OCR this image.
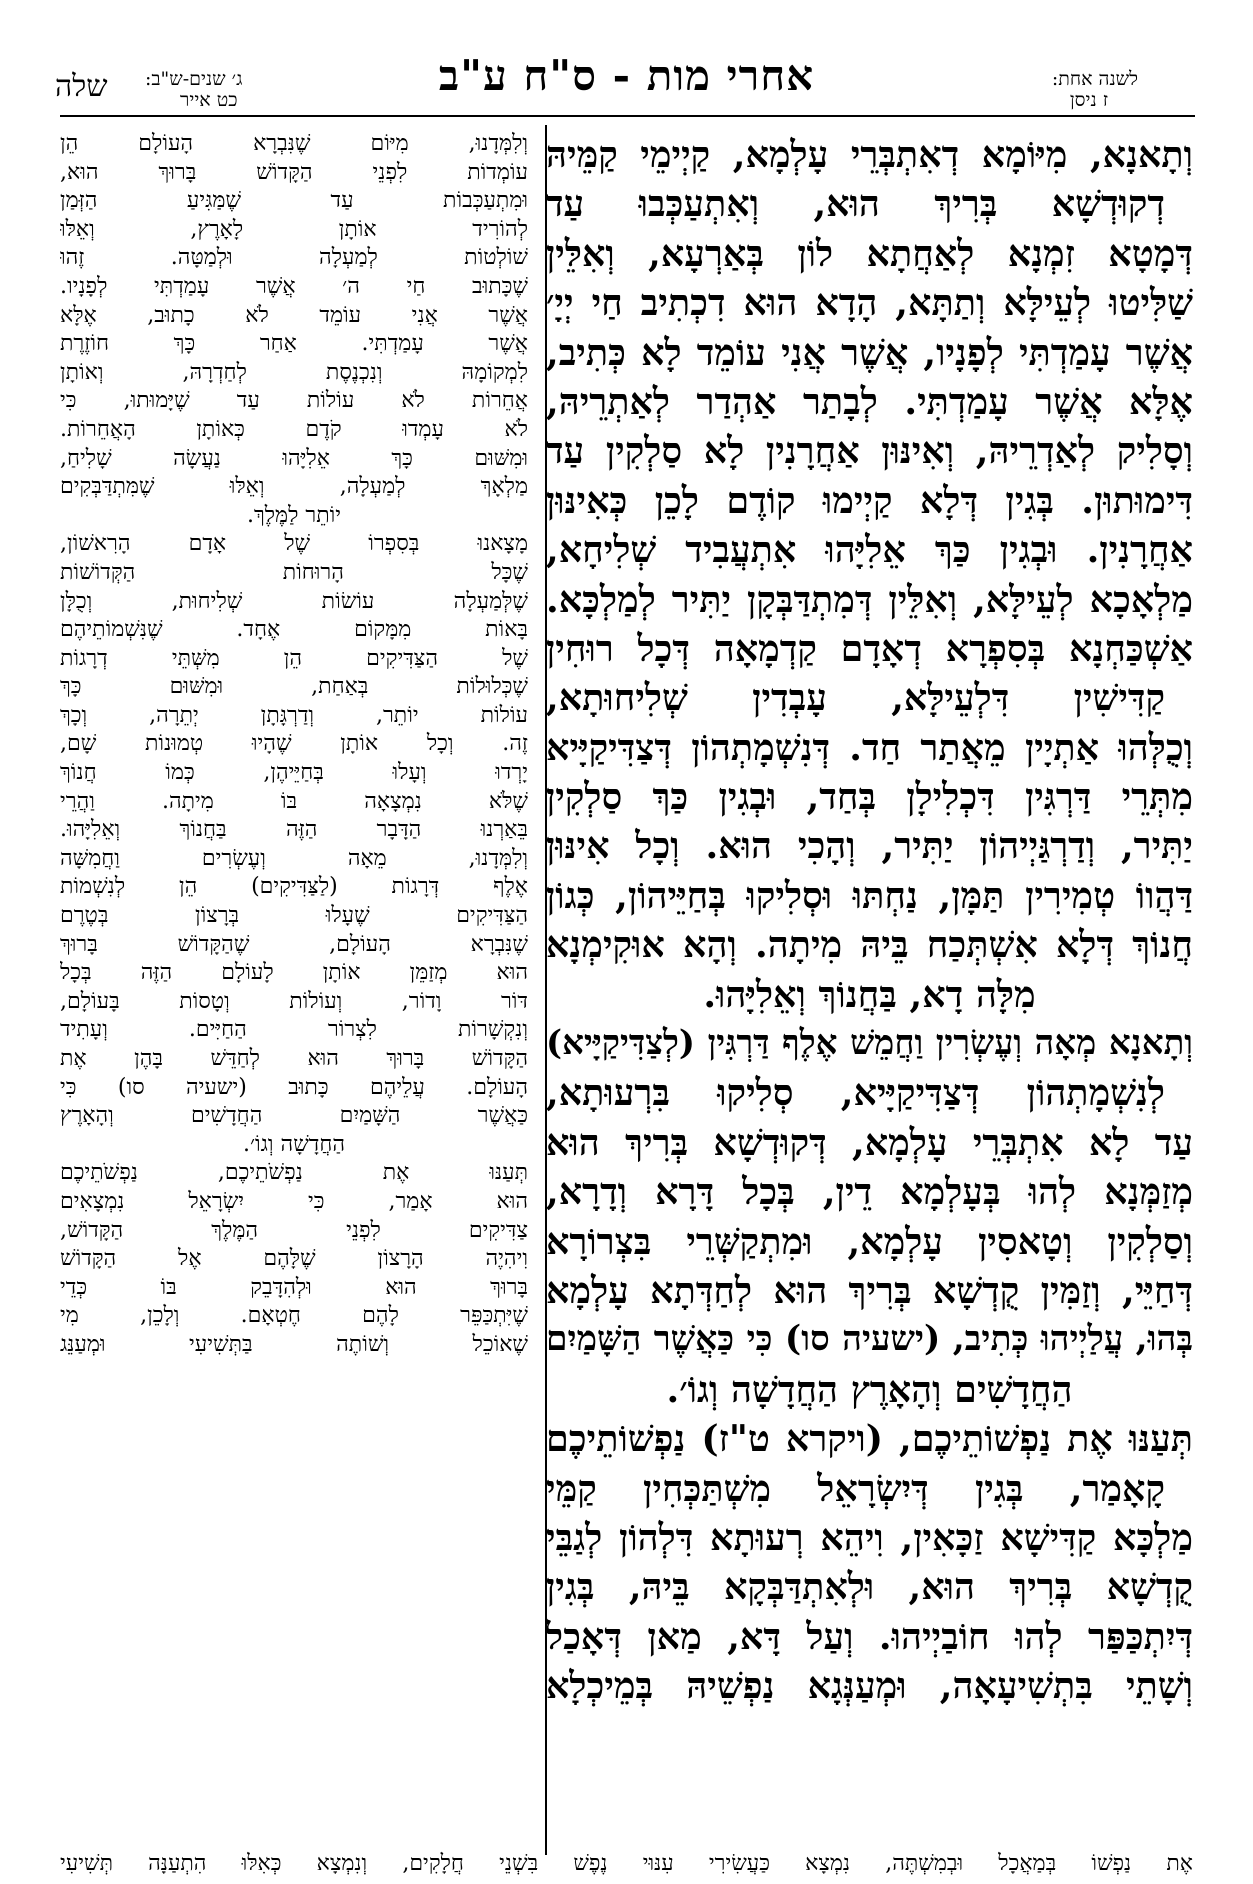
לשנה אחת:
ז ניסן
אחרי מות - ס"ח ע"ב
ג׳ שנים-ש"ב:
כט אייר
שלה
וְתָאנָא, מִיּוֹמָא דְאִתְבְּרֵי עָלְמָא, קַיְימֵי קַמֵּיהּ
דְקוּדְשָׁא בְּרִיךְ הוּא, וְאִתְעַכְּבוּ עַד
דְּמָטָא זִמְנָא לְאַחֲתָא לוֹן בְּאַרְעָא, וְאִלֵּין
שַׁלִּיטוּ לְעֵילָּא וְתַתָּא, הָדָא הוּא דִכְתִיב חַי יְיָ׳
אֲשֶׁר עָמַדְתִּי לְפָנָיו, אֲשֶׁר אֲנִי עוֹמֵד לָא כְּתִיב,
אֶלָּא אֲשֶׁר עָמַדְתִּי. לְבָתַר אַהְדַר לְאַתְרֵיהּ,
וְסָלִיק לְאַדְרֵיהּ, וְאִינּוּן אַחֲרָנִין לָא סַלְקִין עַד
דִּימוּתוּן. בְּגִין דְּלָא קַיְימוּ קוֹדֶם לָכֵן כְּאִינּוּן
אַחֲרָנִין. וּבְגִין כַּךְ אֵלִיָּהוּ אִתְעֲבִיד שְׁלִיחָא,
מַלְאָכָא לְעֵילָּא, וְאִלֵּין דְּמִתְדַּבְּקָן יַתִּיר לְמַלְכָּא.
אַשְׁכַּחְנָא בְּסִפְרָא דְאָדָם קַדְמָאָה דְּכָל רוּחִין
קַדִּישִׁין דִּלְעֵילָּא, עָבְדִין שְׁלִיחוּתָא,
וְכֻלְּהוּ אַתְיָין מֵאֲתַר חַד. דְּנִשְׁמָתְהוֹן דְּצַדִּיקַיָּיא
מִתְּרֵי דַּרְגִּין דִּכְלִילָן בְּחַד, וּבְגִין כַּךְ סַלְקִין
יַתִּיר, וְדַרְגַּיְיהוֹן יַתִּיר, וְהָכִי הוּא. וְכָל אִינּוּן
דַּהֲווֹ טְמִירִין תַּמָּן, נַחְתּוּ וּסְלִיקוּ בְּחַיֵּיהוֹן, כְּגוֹן
חֲנוֹךְ דְּלָא אִשְׁתְּכַח בֵּיהּ מִיתָה. וְהָא אוּקִימְנָא
מִלָּה דָא, בַּחֲנוֹךְ וְאֵלִיָּהוּ.
וְתָאנָא מְאָה וְעֶשְׂרִין וַחֲמֵשׁ אֶלֶף דַּרְגִּין (לְצַדִּיקַיָּיא)
לְנִשְׁמָתְהוֹן דְּצַדִּיקַיָּיא, סְלִיקוּ בִּרְעוּתָא,
עַד לָא אִתְבְּרֵי עָלְמָא, דְּקוּדְשָׁא בְּרִיךְ הוּא
מְזַמְּנָא לְהוּ בְּעָלְמָא דֵין, בְּכָל דָּרָא וְדָרָא,
וְסַלְקִין וְטָאסִין עָלְמָא, וּמִתְקַשְּׁרֵי בִּצְרוֹרָא
דְּחַיֵּי, וְזַמִּין קֻדְשָׁא בְּרִיךְ הוּא לְחַדְּתָא עָלְמָא
בְּהוּ, עֲלַיְיהוּ כְּתִיב, (ישעיה סו) כִּי כַּאֲשֶׁר הַשָּׁמַיִם
הַחֲדָשִׁים וְהָאָרֶץ הַחֲדָשָׁה וְגוֹ׳.
תְּעַנּוּ אֶת נַפְשׁוֹתֵיכֶם, (ויקרא ט"ז) נַפְשׁוֹתֵיכֶם
קָאָמַר, בְּגִין דְּיִשְׂרָאֵל מִשְׁתַּכְּחִין קַמֵּי
מַלְכָּא קַדִּישָׁא זַכָּאִין, וִיהֵא רְעוּתָא דִּלְהוֹן לְגַבֵּי
קֻדְשָׁא בְּרִיךְ הוּא, וּלְאִתְדַּבְּקָא בֵּיהּ, בְּגִין
דְּיִתְכַּפַּר לְהוּ חוֹבַיְיהוּ. וְעַל דָּא, מַאן דְּאָכַל
וְשָׁתֵי בִּתְשִׁיעָאָה, וּמְעַנְּגָא נַפְשֵׁיהּ בְּמֵיכְלָא
וְלִמְּדָנוּ, מִיּוֹם שֶׁנִּבְרָא הָעוֹלָם הֵן
עוֹמְדוֹת לִפְנֵי הַקָּדוֹשׁ בָּרוּךְ הוּא,
וּמִתְעַכְּבוֹת עַד שֶׁמַּגִּיעַ הַזְּמַן
לְהוֹרִיד אוֹתָן לָאָרֶץ, וְאֵלּוּ
שׁוֹלְטוֹת לְמַעְלָה וּלְמַטָּה. זֶהוּ
שֶׁכָּתוּב חַי ה׳ אֲשֶׁר עָמַדְתִּי לְפָנָיו.
אֲשֶׁר אֲנִי עוֹמֵד לֹא כָתוּב, אֶלָּא
אֲשֶׁר עָמַדְתִּי. אַחַר כָּךְ חוֹזֶרֶת
לִמְקוֹמָהּ וְנִכְנֶסֶת לְחַדְרָהּ, וְאוֹתָן
אֲחֵרוֹת לֹא עוֹלוֹת עַד שֶׁיָּמוּתוּ, כִּי
לֹא עָמְדוּ קֹדֶם כְּאוֹתָן הָאֲחֵרוֹת.
וּמִשּׁוּם כָּךְ אֵלִיָּהוּ נַעֲשָׂה שָׁלִיחַ,
מַלְאָךְ לְמַעְלָה, וְאֵלּוּ שֶׁמִּתְדַּבְּקִים
יוֹתֵר לַמֶּלֶךְ.
מָצָאנוּ בְּסִפְרוֹ שֶׁל אָדָם הָרִאשׁוֹן,
שֶׁכָּל הָרוּחוֹת הַקְּדוֹשׁוֹת
שֶׁלְּמַעְלָה עוֹשׂוֹת שְׁלִיחוּת, וְכֻלָּן
בָּאוֹת מִמָּקוֹם אֶחָד. שֶׁנִּשְׁמוֹתֵיהֶם
שֶׁל הַצַּדִּיקִים הֵן מִשְּׁתֵּי דְרָגוֹת
שֶׁכְּלוּלוֹת בְּאַחַת, וּמִשּׁוּם כָּךְ
עוֹלוֹת יוֹתֵר, וְדַרְגָּתָן יְתֵרָה, וְכָךְ
זֶה. וְכָל אוֹתָן שֶׁהָיוּ טְמוּנוֹת שָׁם,
יָרְדוּ וְעָלוּ בְּחַיֵּיהֶן, כְּמוֹ חֲנוֹךְ
שֶׁלֹּא נִמְצָאָה בּוֹ מִיתָה. וַהֲרֵי
בֵּאַרְנוּ הַדָּבָר הַזֶּה בַּחֲנוֹךְ וְאֵלִיָּהוּ.
וְלִמְּדָנוּ, מֵאָה וְעֶשְׂרִים וַחֲמִשָּׁה
אֶלֶף דְּרָגוֹת (לַצַּדִּיקִים) הֵן לְנִשְׁמוֹת
הַצַּדִּיקִים שֶׁעָלוּ בְּרָצוֹן בְּטֶרֶם
שֶׁנִּבְרָא הָעוֹלָם, שֶׁהַקָּדוֹשׁ בָּרוּךְ
הוּא מְזַמֵּן אוֹתָן לָעוֹלָם הַזֶּה בְּכָל
דּוֹר וָדוֹר, וְעוֹלוֹת וְטָסוֹת בָּעוֹלָם,
וְנִקְשָׁרוֹת לִצְרוֹר הַחַיִּים. וְעָתִיד
הַקָּדוֹשׁ בָּרוּךְ הוּא לְחַדֵּשׁ בָּהֶן אֶת
הָעוֹלָם. עֲלֵיהֶם כָּתוּב (ישעיה סו) כִּי
כַּאֲשֶׁר הַשָּׁמַיִם הַחֲדָשִׁים וְהָאָרֶץ
הַחֲדָשָׁה וְגוֹ׳.
תְּעַנּוּ אֶת נַפְשֹׁתֵיכֶם, נַפְשֹׁתֵיכֶם
הוּא אָמַר, כִּי יִשְׂרָאֵל נִמְצָאִים
צַדִּיקִים לִפְנֵי הַמֶּלֶךְ הַקָּדוֹשׁ,
וִיהִיֶה הָרָצוֹן שֶׁלָּהֶם אֶל הַקָּדוֹשׁ
בָּרוּךְ הוּא וּלְהִדָּבֵק בּוֹ כְּדֵי
שֶׁיִּתְכַּפֵּר לָהֶם חֶטְאָם. וְלָכֵן, מִי
שֶׁאוֹכֵל וְשׁוֹתֶה בַּתְּשִׁיעִי וּמְעַנֵּג
אֶת נַפְשׁוֹ בְּמַאֲכָל וּבְמִשְׁתֶּה, נִמְצָא כַּעֲשִׂירִי עִנּוּי נֶפֶשׁ בִּשְׁנֵי חֲלָקִים, וְנִמְצָא כְּאִלּוּ הִתְעַנָּה תְּשִׁיעִי
